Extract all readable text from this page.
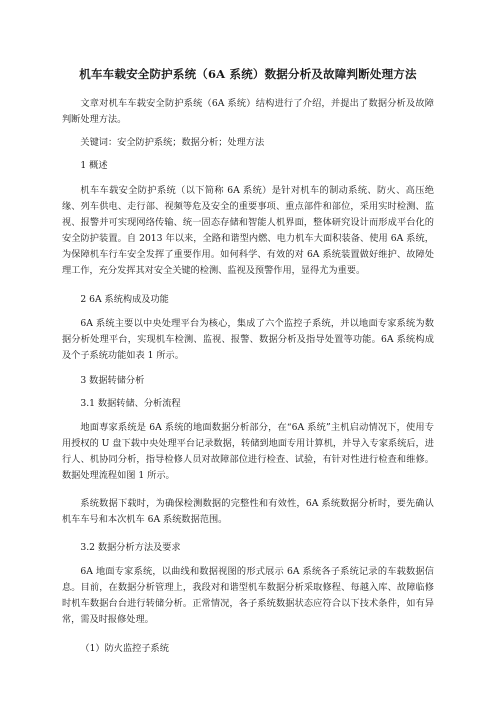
机车车载安全防护系统（6A 系统）数据分析及故障判断处理方法

文章对机车车载安全防护系统（6A 系统）结构进行了介绍，并提出了数据分析及故障判断处理方法。

关键词：安全防护系统；数据分析；处理方法

1 概述

机车车载安全防护系统（以下简称 6A 系统）是针对机车的制动系统、防火、高压绝缘、列车供电、走行部、视频等危及安全的重要事项、重点部件和部位，采用实时检测、监视、报警并可实现网络传输、统一固态存储和智能人机界面，整体研究设计而形成平台化的安全防护装置。自 2013 年以来，全路和谐型内燃、电力机车大面积装备、使用 6A 系统，为保障机车行车安全发挥了重要作用。如何科学、有效的对 6A 系统装置做好维护、故障处理工作，充分发挥其对安全关键的检测、监视及预警作用，显得尤为重要。

2 6A 系统构成及功能

6A 系统主要以中央处理平台为核心，集成了六个监控子系统，并以地面专家系统为数据分析处理平台，实现机车检测、监视、报警、数据分析及指导处置等功能。6A 系统构成及个子系统功能如表 1 所示。

3 数据转储分析

3.1 数据转储、分析流程

地面専家系统是 6A 系统的地面数据分析部分，在“6A 系统”主机启动情况下，使用专用授权的 U 盘下载中央处理平台记录数据，转储到地面专用计算机，并导入专家系统后，进行人、机协同分析，指导检修人员对故障部位进行检查、试验，有针对性进行检查和维修。数据处理流程如图 1 所示。

系统数据下载时，为确保检测数据的完整性和有效性，6A 系统数据分析时，要先确认机车车号和本次机车 6A 系统数据范围。

3.2 数据分析方法及要求

6A 地面专家系统，以曲线和数据视图的形式展示 6A 系统各子系统记录的车载数据信息。目前，在数据分析管理上，我段对和谐型机车数据分析采取修程、每越入库、故障临修时机车数据台台进行转储分析。正常情况，各子系统数据状态应符合以下技术条件，如有异常，需及时报修处理。

（1）防火监控子系统
